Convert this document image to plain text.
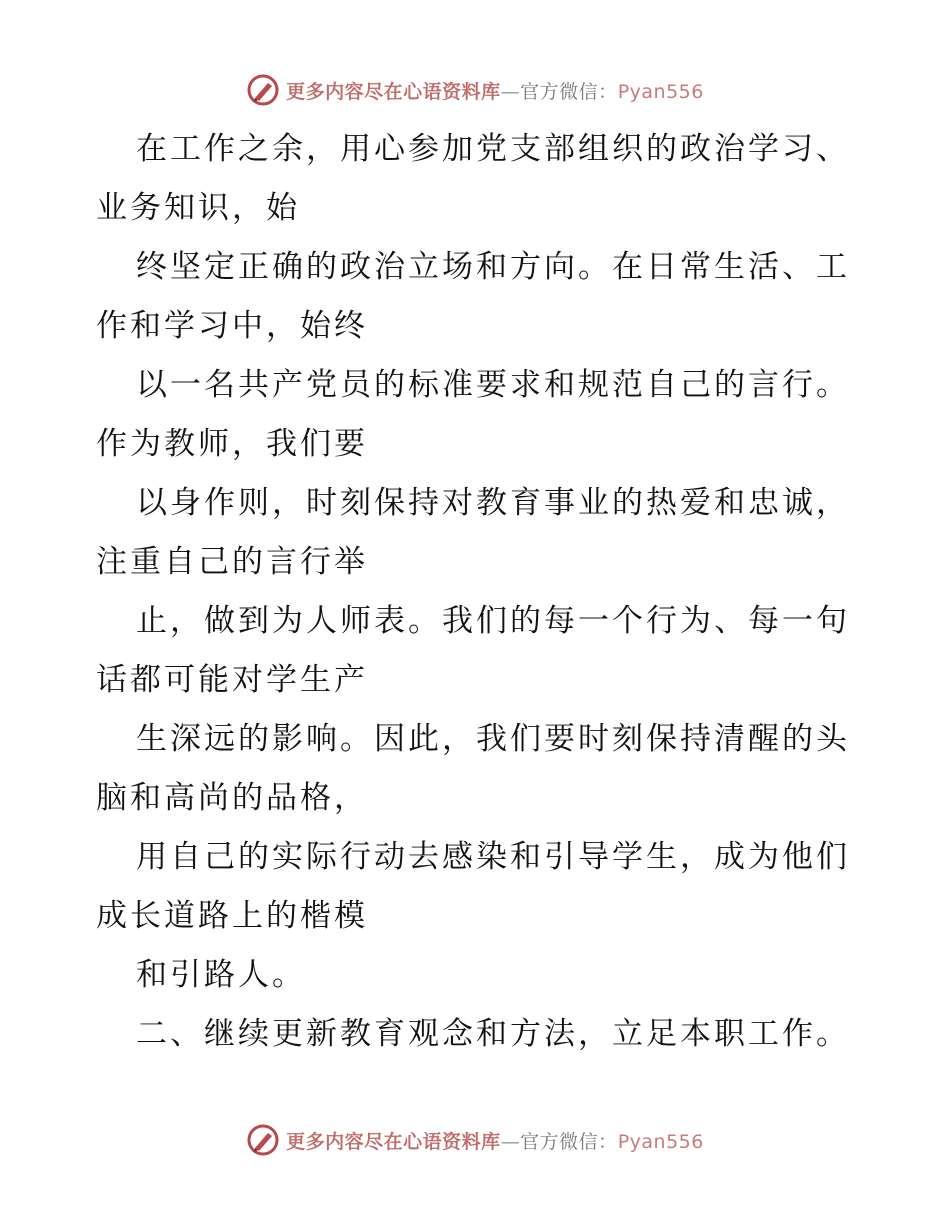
更多内容尽在心语资料库—官方微信：Pyan556
在工作之余，用心参加党支部组织的政治学习、
业务知识，始
终坚定正确的政治立场和方向。在日常生活、工
作和学习中，始终
以一名共产党员的标准要求和规范自己的言行。
作为教师，我们要
以身作则，时刻保持对教育事业的热爱和忠诚，
注重自己的言行举
止，做到为人师表。我们的每一个行为、每一句
话都可能对学生产
生深远的影响。因此，我们要时刻保持清醒的头
脑和高尚的品格，
用自己的实际行动去感染和引导学生，成为他们
成长道路上的楷模
和引路人。
二、继续更新教育观念和方法，立足本职工作。
更多内容尽在心语资料库—官方微信：Pyan556
